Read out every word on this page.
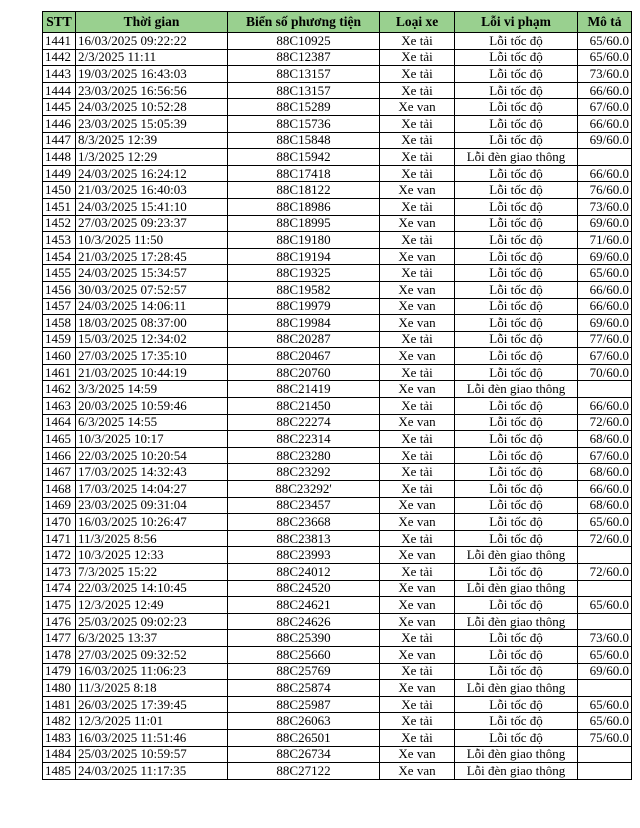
STT	Thời gian	Biển số phương tiện	Loại xe	Lỗi vi phạm	Mô tả
1441	16/03/2025 09:22:22	88C10925	Xe tải	Lỗi tốc độ	65/60.0
1442	2/3/2025 11:11	88C12387	Xe tải	Lỗi tốc độ	65/60.0
1443	19/03/2025 16:43:03	88C13157	Xe tải	Lỗi tốc độ	73/60.0
1444	23/03/2025 16:56:56	88C13157	Xe tải	Lỗi tốc độ	66/60.0
1445	24/03/2025 10:52:28	88C15289	Xe van	Lỗi tốc độ	67/60.0
1446	23/03/2025 15:05:39	88C15736	Xe tải	Lỗi tốc độ	66/60.0
1447	8/3/2025 12:39	88C15848	Xe tải	Lỗi tốc độ	69/60.0
1448	1/3/2025 12:29	88C15942	Xe tải	Lỗi đèn giao thông	
1449	24/03/2025 16:24:12	88C17418	Xe tải	Lỗi tốc độ	66/60.0
1450	21/03/2025 16:40:03	88C18122	Xe van	Lỗi tốc độ	76/60.0
1451	24/03/2025 15:41:10	88C18986	Xe tải	Lỗi tốc độ	73/60.0
1452	27/03/2025 09:23:37	88C18995	Xe van	Lỗi tốc độ	69/60.0
1453	10/3/2025 11:50	88C19180	Xe tải	Lỗi tốc độ	71/60.0
1454	21/03/2025 17:28:45	88C19194	Xe van	Lỗi tốc độ	69/60.0
1455	24/03/2025 15:34:57	88C19325	Xe tải	Lỗi tốc độ	65/60.0
1456	30/03/2025 07:52:57	88C19582	Xe van	Lỗi tốc độ	66/60.0
1457	24/03/2025 14:06:11	88C19979	Xe van	Lỗi tốc độ	66/60.0
1458	18/03/2025 08:37:00	88C19984	Xe van	Lỗi tốc độ	69/60.0
1459	15/03/2025 12:34:02	88C20287	Xe tải	Lỗi tốc độ	77/60.0
1460	27/03/2025 17:35:10	88C20467	Xe van	Lỗi tốc độ	67/60.0
1461	21/03/2025 10:44:19	88C20760	Xe tải	Lỗi tốc độ	70/60.0
1462	3/3/2025 14:59	88C21419	Xe van	Lỗi đèn giao thông	
1463	20/03/2025 10:59:46	88C21450	Xe tải	Lỗi tốc độ	66/60.0
1464	6/3/2025 14:55	88C22274	Xe van	Lỗi tốc độ	72/60.0
1465	10/3/2025 10:17	88C22314	Xe tải	Lỗi tốc độ	68/60.0
1466	22/03/2025 10:20:54	88C23280	Xe tải	Lỗi tốc độ	67/60.0
1467	17/03/2025 14:32:43	88C23292	Xe tải	Lỗi tốc độ	68/60.0
1468	17/03/2025 14:04:27	88C23292'	Xe tải	Lỗi tốc độ	66/60.0
1469	23/03/2025 09:31:04	88C23457	Xe van	Lỗi tốc độ	68/60.0
1470	16/03/2025 10:26:47	88C23668	Xe van	Lỗi tốc độ	65/60.0
1471	11/3/2025 8:56	88C23813	Xe tải	Lỗi tốc độ	72/60.0
1472	10/3/2025 12:33	88C23993	Xe van	Lỗi đèn giao thông	
1473	7/3/2025 15:22	88C24012	Xe tải	Lỗi tốc độ	72/60.0
1474	22/03/2025 14:10:45	88C24520	Xe van	Lỗi đèn giao thông	
1475	12/3/2025 12:49	88C24621	Xe van	Lỗi tốc độ	65/60.0
1476	25/03/2025 09:02:23	88C24626	Xe van	Lỗi đèn giao thông	
1477	6/3/2025 13:37	88C25390	Xe tải	Lỗi tốc độ	73/60.0
1478	27/03/2025 09:32:52	88C25660	Xe van	Lỗi tốc độ	65/60.0
1479	16/03/2025 11:06:23	88C25769	Xe tải	Lỗi tốc độ	69/60.0
1480	11/3/2025 8:18	88C25874	Xe van	Lỗi đèn giao thông	
1481	26/03/2025 17:39:45	88C25987	Xe tải	Lỗi tốc độ	65/60.0
1482	12/3/2025 11:01	88C26063	Xe tải	Lỗi tốc độ	65/60.0
1483	16/03/2025 11:51:46	88C26501	Xe tải	Lỗi tốc độ	75/60.0
1484	25/03/2025 10:59:57	88C26734	Xe van	Lỗi đèn giao thông	
1485	24/03/2025 11:17:35	88C27122	Xe van	Lỗi đèn giao thông	
